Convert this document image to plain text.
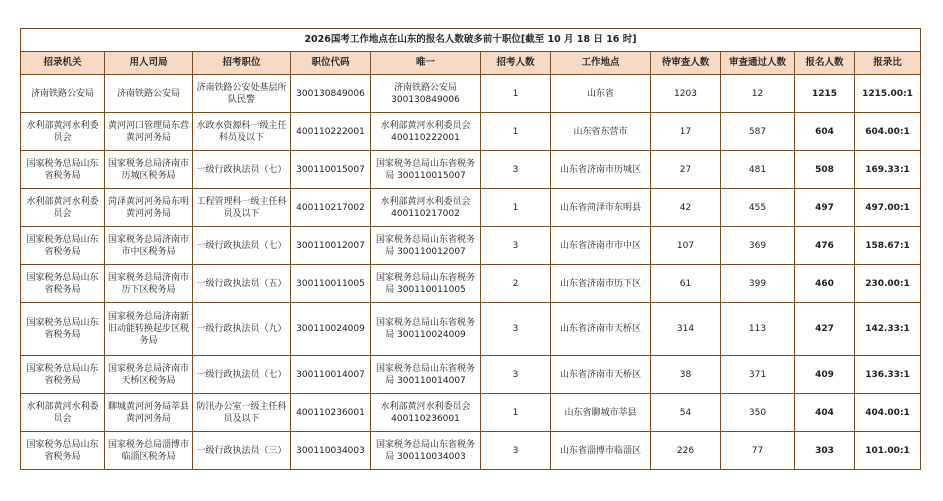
2026国考工作地点在山东的报名人数破多前十职位[截至 10 月 18 日 16 时]										
招录机关	用人司局	招考职位	职位代码	唯一	招考人数	工作地点	待审查人数	审查通过人数	报名人数	报录比
济南铁路公安局	济南铁路公安局	济南铁路公安处基层所队民警	300130849006	济南铁路公安局300130849006	1	山东省	1203	12	1215	1215.00:1
水利部黄河水利委员会	黄河河口管理局东营黄河河务局	水政水资源科一级主任科员及以下	400110222001	水利部黄河水利委员会400110222001	1	山东省东营市	17	587	604	604.00:1
国家税务总局山东省税务局	国家税务总局济南市历城区税务局	一级行政执法员（七）	300110015007	国家税务总局山东省税务局 300110015007	3	山东省济南市历城区	27	481	508	169.33:1
水利部黄河水利委员会	菏泽黄河河务局东明黄河河务局	工程管理科一级主任科员及以下	400110217002	水利部黄河水利委员会400110217002	1	山东省菏泽市东明县	42	455	497	497.00:1
国家税务总局山东省税务局	国家税务总局济南市市中区税务局	一级行政执法员（七）	300110012007	国家税务总局山东省税务局 300110012007	3	山东省济南市市中区	107	369	476	158.67:1
国家税务总局山东省税务局	国家税务总局济南市历下区税务局	一级行政执法员（五）	300110011005	国家税务总局山东省税务局 300110011005	2	山东省济南市历下区	61	399	460	230.00:1
国家税务总局山东省税务局	国家税务总局济南新旧动能转换起步区税务局	一级行政执法员（九）	300110024009	国家税务总局山东省税务局 300110024009	3	山东省济南市天桥区	314	113	427	142.33:1
国家税务总局山东省税务局	国家税务总局济南市天桥区税务局	一级行政执法员（七）	300110014007	国家税务总局山东省税务局 300110014007	3	山东省济南市天桥区	38	371	409	136.33:1
水利部黄河水利委员会	聊城黄河河务局莘县黄河河务局	防汛办公室一级主任科员及以下	400110236001	水利部黄河水利委员会400110236001	1	山东省聊城市莘县	54	350	404	404.00:1
国家税务总局山东省税务局	国家税务总局淄博市临淄区税务局	一级行政执法员（三）	300110034003	国家税务总局山东省税务局 300110034003	3	山东省淄博市临淄区	226	77	303	101.00:1
